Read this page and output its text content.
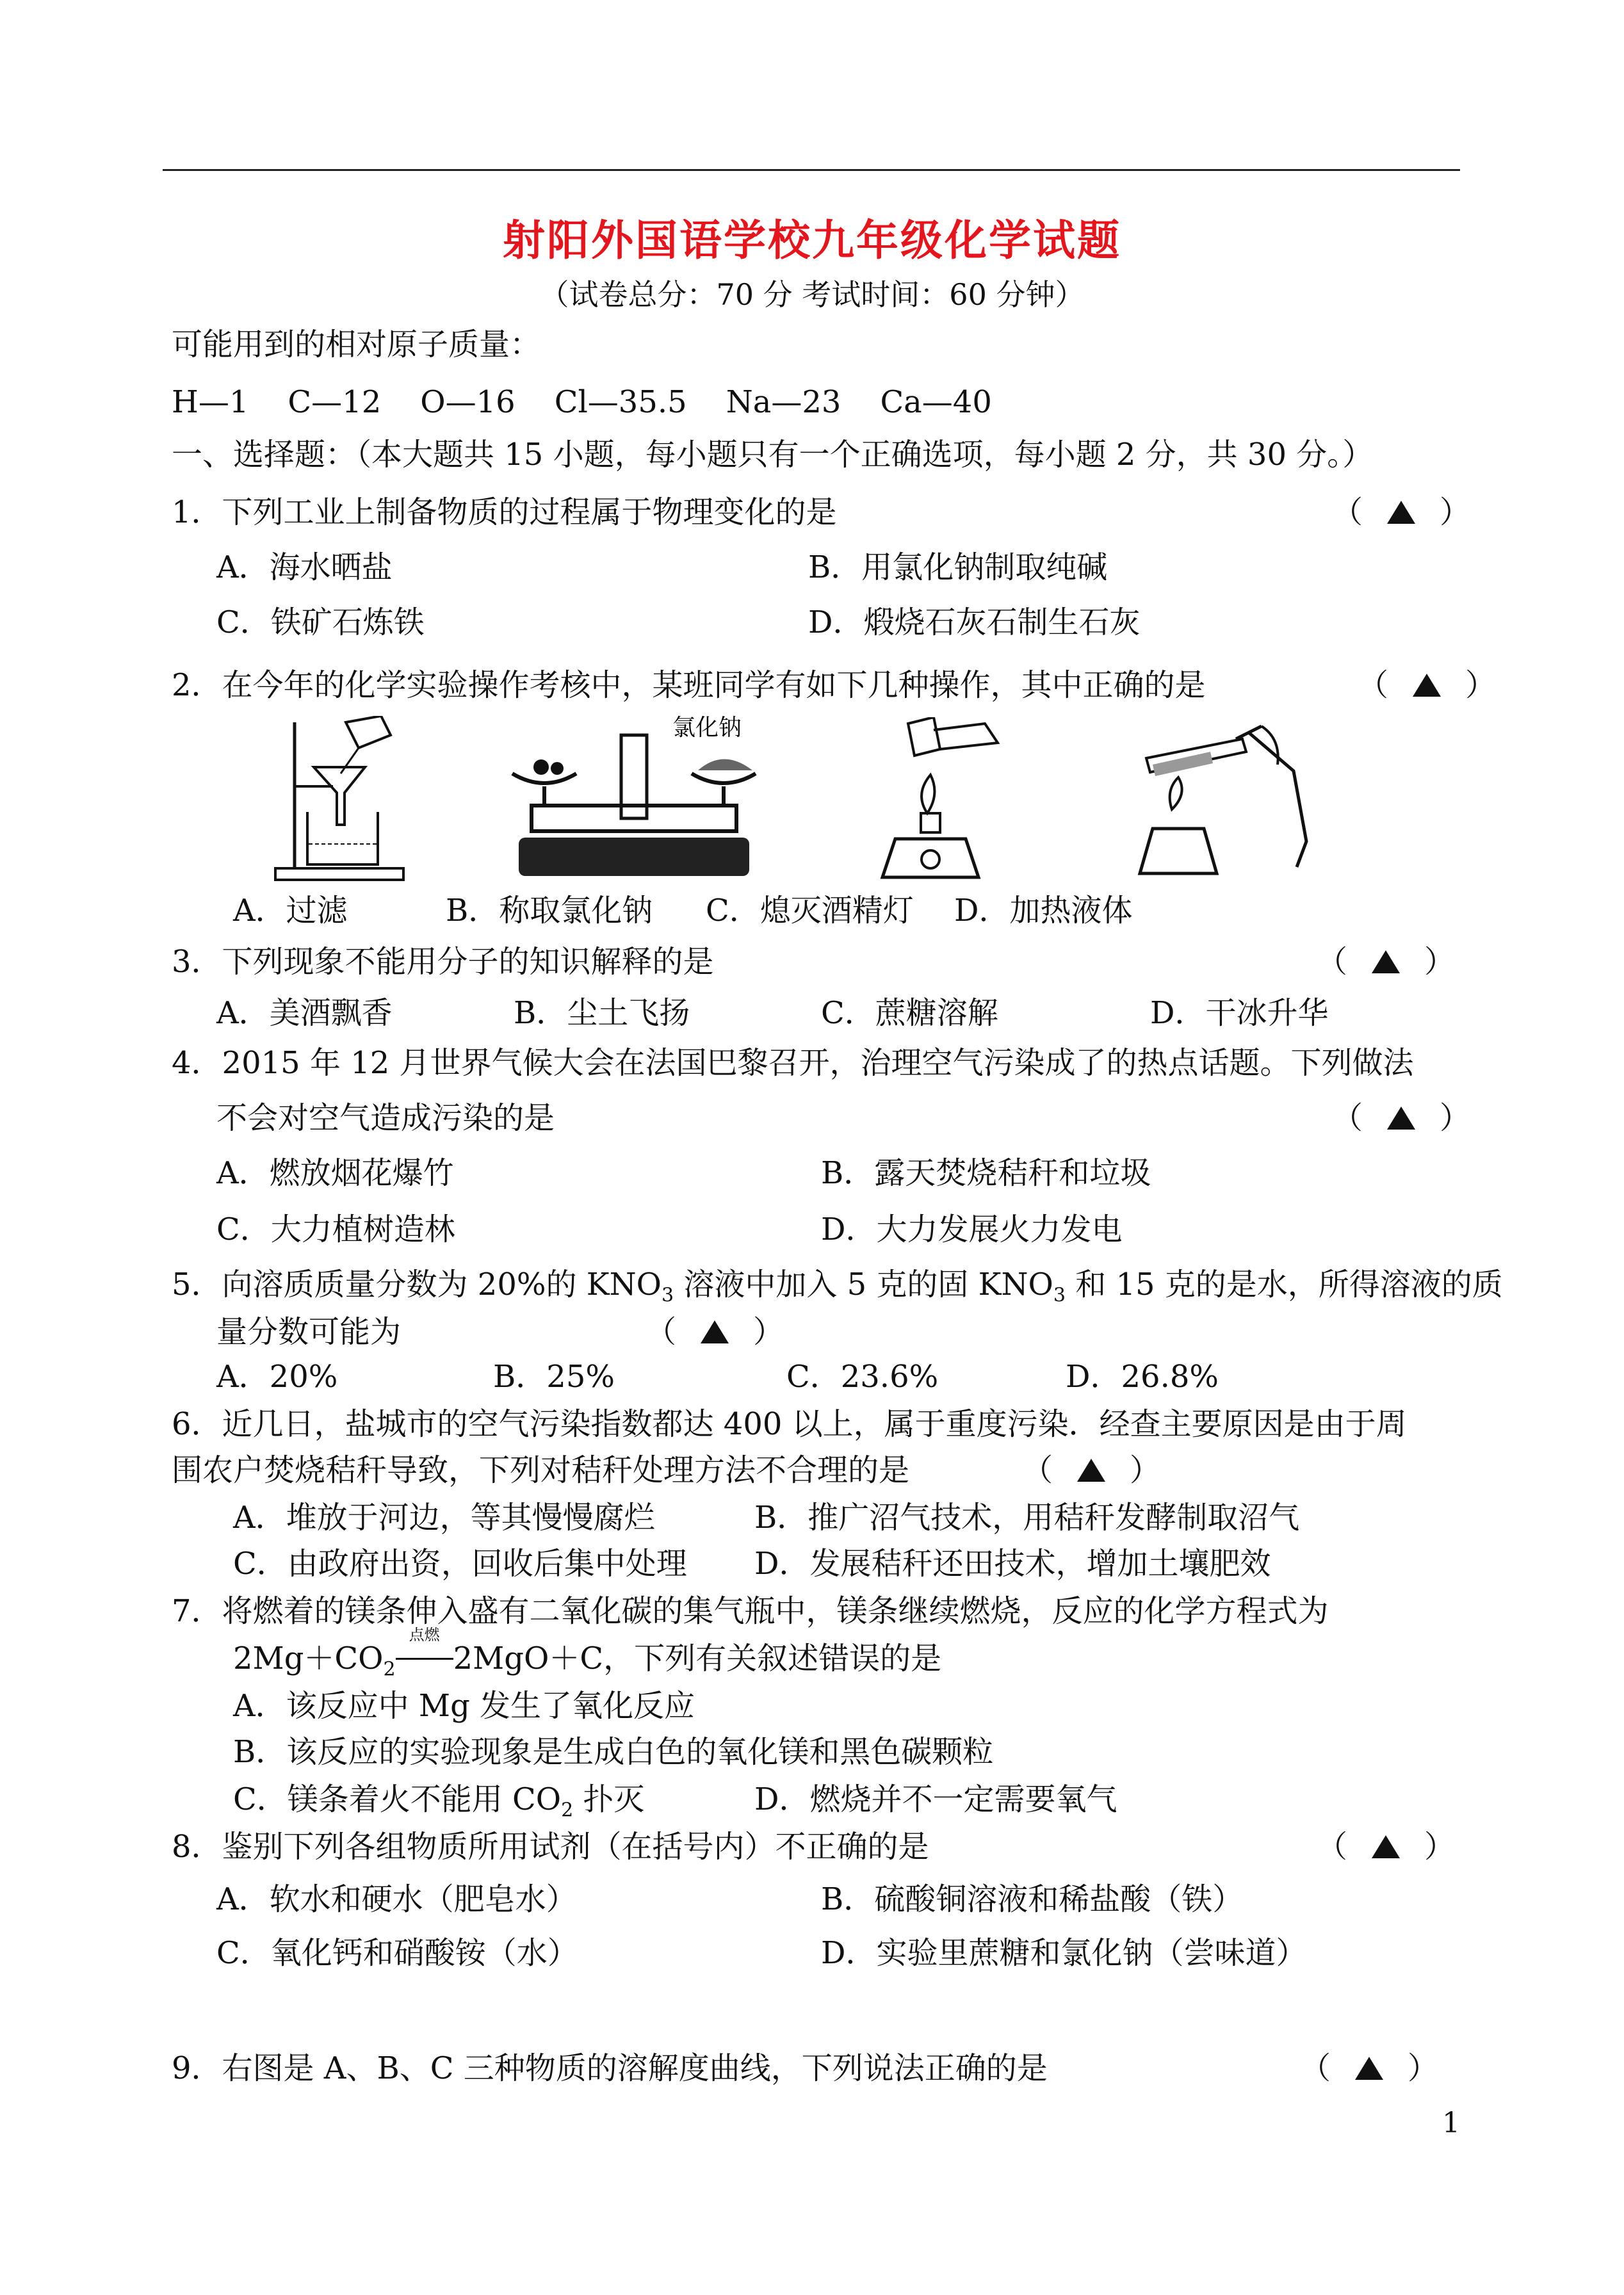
射阳外国语学校九年级化学试题
（试卷总分：70 分 考试时间：60 分钟）
可能用到的相对原子质量：
H—1    C—12    O—16    Cl—35.5    Na—23    Ca—40
一、选择题：（本大题共 15 小题，每小题只有一个正确选项，每小题 2 分，共 30 分。）
1．下列工业上制备物质的过程属于物理变化的是	（	）
A．海水晒盐	B．用氯化钠制取纯碱
C．铁矿石炼铁	D．煅烧石灰石制生石灰
2．在今年的化学实验操作考核中，某班同学有如下几种操作，其中正确的是	（	）
氯化钠
A．过滤	B．称取氯化钠 C．熄灭酒精灯 D．加热液体
3．下列现象不能用分子的知识解释的是	（	）
A．美酒飘香	B．尘土飞扬	C．蔗糖溶解	D．干冰升华
4．2015 年 12 月世界气候大会在法国巴黎召开，治理空气污染成了的热点话题。下列做法
不会对空气造成污染的是	（	）
A．燃放烟花爆竹	B．露天焚烧秸秆和垃圾
C．大力植树造林	D．大力发展火力发电
5．向溶质质量分数为 20%的 $KNO_3$ 溶液中加入 5 克的固 $KNO_3$ 和 15 克的是水，所得溶液的质
量分数可能为	（	）
A．20%	B．25%	C．23.6%	D．26.8%
6．近几日，盐城市的空气污染指数都达 400 以上，属于重度污染．经查主要原因是由于周
围农户焚烧秸秆导致，下列对秸秆处理方法不合理的是	（	）
A．堆放于河边，等其慢慢腐烂	B．推广沼气技术，用秸秆发酵制取沼气
C．由政府出资，回收后集中处理 D．发展秸秆还田技术，增加土壤肥效
7．将燃着的镁条伸入盛有二氧化碳的集气瓶中，镁条继续燃烧，反应的化学方程式为
$2Mg+CO_2$
点燃
2MgO＋C，下列有关叙述错误的是
A．该反应中 Mg 发生了氧化反应
B．该反应的实验现象是生成白色的氧化镁和黑色碳颗粒
C．镁条着火不能用 $CO_2$ 扑灭	D．燃烧并不一定需要氧气
8．鉴别下列各组物质所用试剂（在括号内）不正确的是	（	）
A．软水和硬水（肥皂水）	B．硫酸铜溶液和稀盐酸（铁）
C．氧化钙和硝酸铵（水）	D．实验里蔗糖和氯化钠（尝味道）
9．右图是 A、B、C 三种物质的溶解度曲线，下列说法正确的是	（	）
1
